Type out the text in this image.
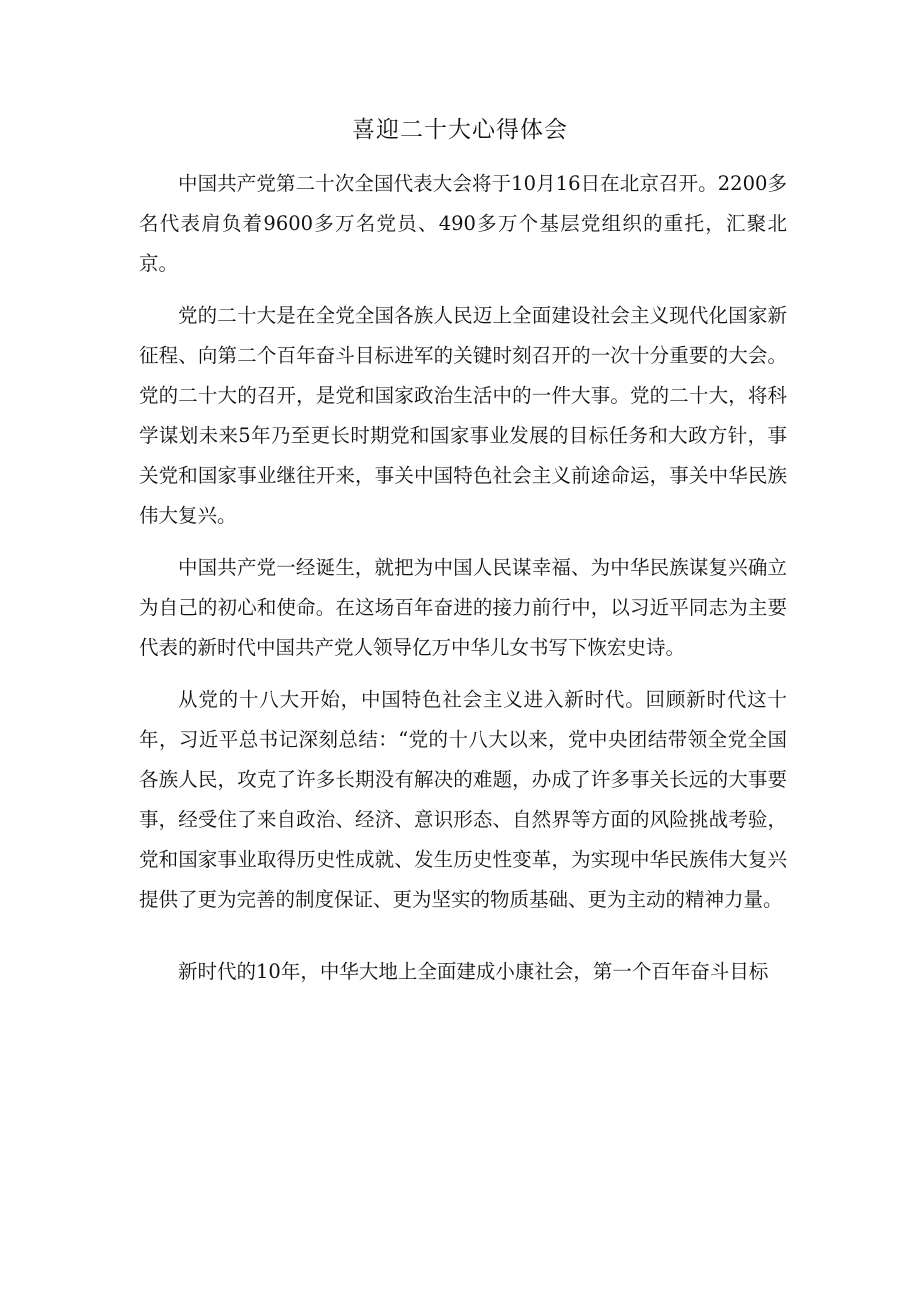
喜迎二十大心得体会

中国共产党第二十次全国代表大会将于10月16日在北京召开。2200多名代表肩负着9600多万名党员、490多万个基层党组织的重托，汇聚北京。

党的二十大是在全党全国各族人民迈上全面建设社会主义现代化国家新征程、向第二个百年奋斗目标进军的关键时刻召开的一次十分重要的大会。党的二十大的召开，是党和国家政治生活中的一件大事。党的二十大，将科学谋划未来5年乃至更长时期党和国家事业发展的目标任务和大政方针，事关党和国家事业继往开来，事关中国特色社会主义前途命运，事关中华民族伟大复兴。

中国共产党一经诞生，就把为中国人民谋幸福、为中华民族谋复兴确立为自己的初心和使命。在这场百年奋进的接力前行中，以习近平同志为主要代表的新时代中国共产党人领导亿万中华儿女书写下恢宏史诗。

从党的十八大开始，中国特色社会主义进入新时代。回顾新时代这十年，习近平总书记深刻总结：“党的十八大以来，党中央团结带领全党全国各族人民，攻克了许多长期没有解决的难题，办成了许多事关长远的大事要事，经受住了来自政治、经济、意识形态、自然界等方面的风险挑战考验，党和国家事业取得历史性成就、发生历史性变革，为实现中华民族伟大复兴提供了更为完善的制度保证、更为坚实的物质基础、更为主动的精神力量。

新时代的10年，中华大地上全面建成小康社会，第一个百年奋斗目标
